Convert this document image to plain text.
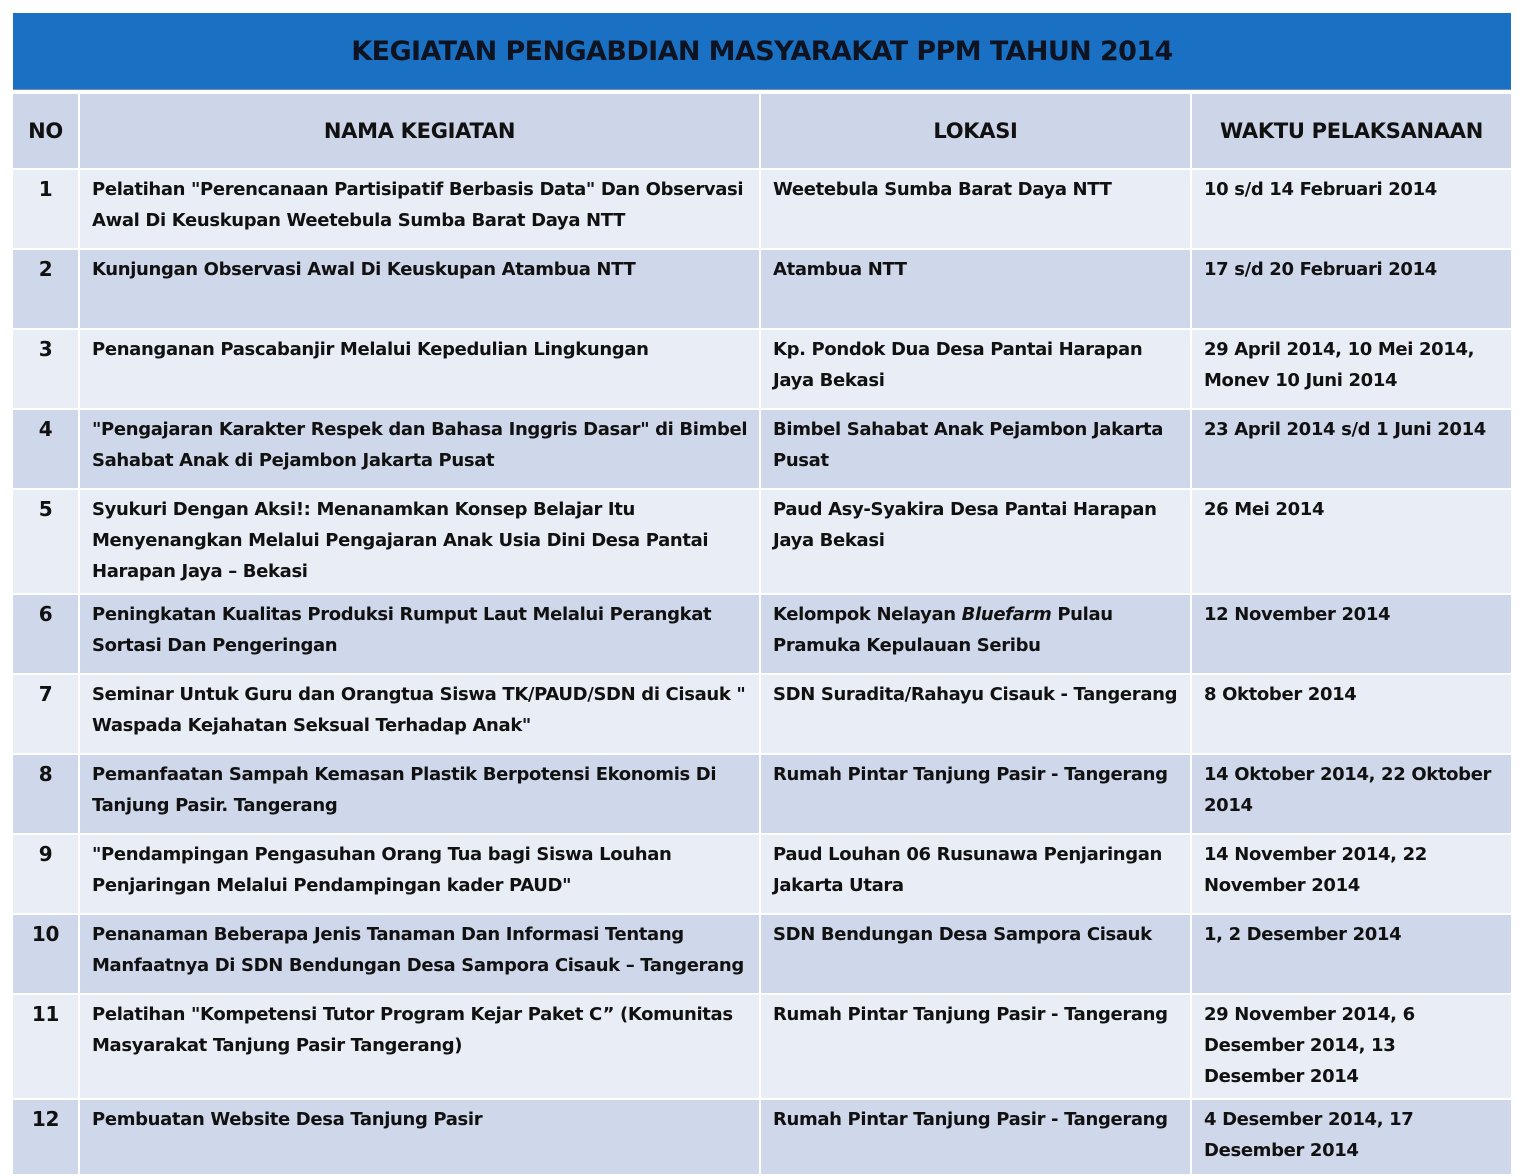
KEGIATAN PENGABDIAN MASYARAKAT PPM TAHUN 2014
NO	NAMA KEGIATAN	LOKASI	WAKTU PELAKSANAAN
1	Pelatihan "Perencanaan Partisipatif Berbasis Data" Dan Observasi Awal Di Keuskupan Weetebula Sumba Barat Daya NTT	Weetebula Sumba Barat Daya NTT	10 s/d 14 Februari 2014
2	Kunjungan Observasi Awal Di Keuskupan Atambua NTT	Atambua NTT	17 s/d 20 Februari 2014
3	Penanganan Pascabanjir Melalui Kepedulian Lingkungan	Kp. Pondok Dua Desa Pantai Harapan Jaya Bekasi	29 April 2014, 10 Mei 2014, Monev 10 Juni 2014
4	"Pengajaran Karakter Respek dan Bahasa Inggris Dasar" di Bimbel Sahabat Anak di Pejambon Jakarta Pusat	Bimbel Sahabat Anak Pejambon Jakarta Pusat	23 April 2014 s/d 1 Juni 2014
5	Syukuri Dengan Aksi!: Menanamkan Konsep Belajar Itu Menyenangkan Melalui Pengajaran Anak Usia Dini Desa Pantai Harapan Jaya – Bekasi	Paud Asy-Syakira Desa Pantai Harapan Jaya Bekasi	26 Mei 2014
6	Peningkatan Kualitas Produksi Rumput Laut Melalui Perangkat Sortasi Dan Pengeringan	Kelompok Nelayan Bluefarm Pulau Pramuka Kepulauan Seribu	12 November 2014
7	Seminar Untuk Guru dan Orangtua Siswa TK/PAUD/SDN di Cisauk " Waspada Kejahatan Seksual Terhadap Anak"	SDN Suradita/Rahayu Cisauk - Tangerang	8 Oktober 2014
8	Pemanfaatan Sampah Kemasan Plastik Berpotensi Ekonomis Di Tanjung Pasir. Tangerang	Rumah Pintar Tanjung Pasir - Tangerang	14 Oktober 2014, 22 Oktober 2014
9	"Pendampingan Pengasuhan Orang Tua bagi Siswa Louhan Penjaringan Melalui Pendampingan kader PAUD"	Paud Louhan 06 Rusunawa Penjaringan Jakarta Utara	14 November 2014, 22 November 2014
10	Penanaman Beberapa Jenis Tanaman Dan Informasi Tentang Manfaatnya Di SDN Bendungan Desa Sampora Cisauk – Tangerang	SDN Bendungan Desa Sampora Cisauk	1, 2 Desember 2014
11	Pelatihan "Kompetensi Tutor Program Kejar Paket C” (Komunitas Masyarakat Tanjung Pasir Tangerang)	Rumah Pintar Tanjung Pasir - Tangerang	29 November 2014, 6 Desember 2014, 13 Desember 2014
12	Pembuatan Website Desa Tanjung Pasir	Rumah Pintar Tanjung Pasir - Tangerang	4 Desember 2014, 17 Desember 2014
